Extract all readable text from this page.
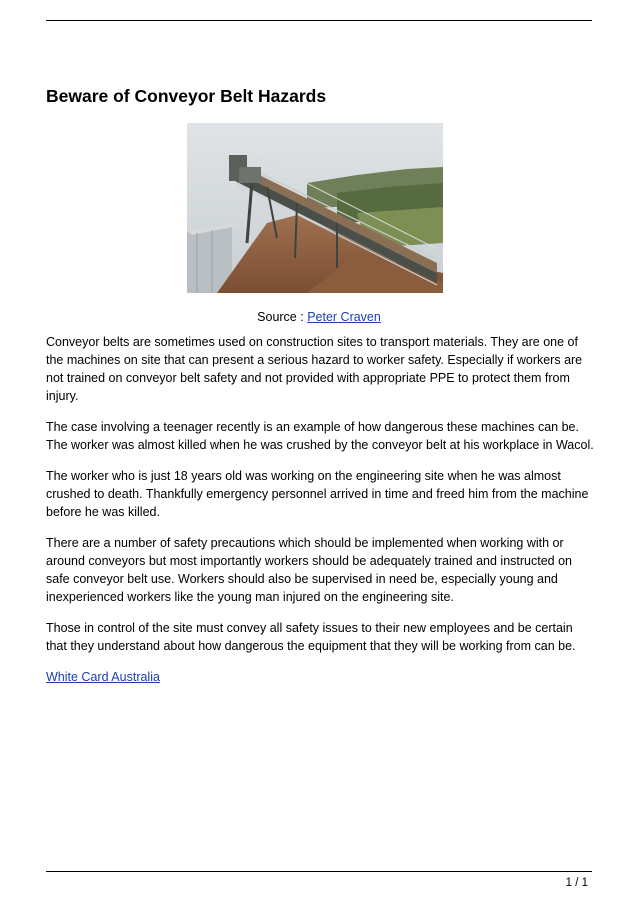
Beware of Conveyor Belt Hazards
Source : Peter Craven

Conveyor belts are sometimes used on construction sites to transport materials. They are one of the machines on site that can present a serious hazard to worker safety. Especially if workers are not trained on conveyor belt safety and not provided with appropriate PPE to protect them from injury.

The case involving a teenager recently is an example of how dangerous these machines can be. The worker was almost killed when he was crushed by the conveyor belt at his workplace in Wacol.

The worker who is just 18 years old was working on the engineering site when he was almost crushed to death. Thankfully emergency personnel arrived in time and freed him from the machine before he was killed.

There are a number of safety precautions which should be implemented when working with or around conveyors but most importantly workers should be adequately trained and instructed on safe conveyor belt use. Workers should also be supervised in need be, especially young and inexperienced workers like the young man injured on the engineering site.

Those in control of the site must convey all safety issues to their new employees and be certain that they understand about how dangerous the equipment that they will be working from can be.

White Card Australia
1 / 1
